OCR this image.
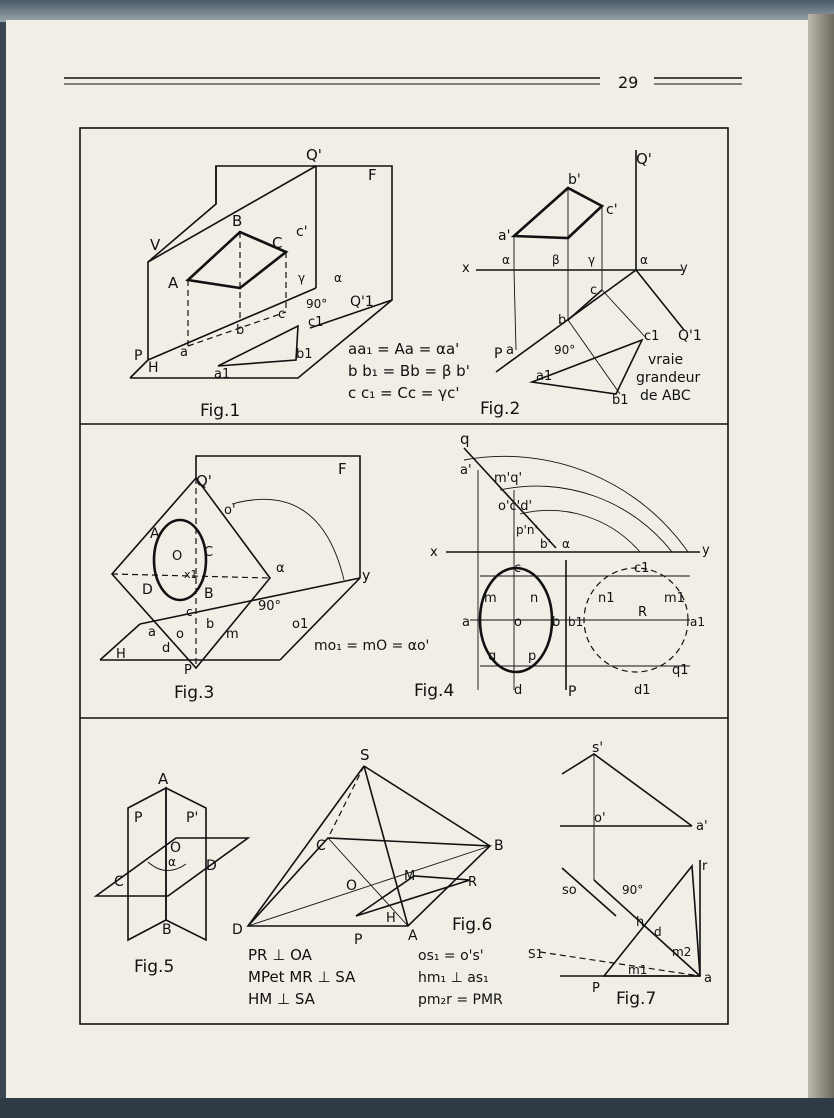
29
Q'
F
V
B
C
c'
A	γ α
90° Q'1
b
c
c1
P
H
a
a1
b1 aa₁ = Aa = αa'
b b₁ = Bb = β b'
c c₁ = Cc = γc'
Fig.1
Q'
b'
c'
a'
x
α	β γ	α
y
c
b
c1 Q'1
P a	90°
a1
b1
vraie
grandeur
de ABC
Fig.2
Q'
F
o'
A
O C
x1
D	B
α	y
90°
o1
c
b
m
d
a o
H
P
mo₁ = mO = αo'
Fig.3
q
a'
m'q'
o'c'd'
p'n'
b' α
x	y
c	c1
m	n	n1	m1
R
a	o b b1	a1
q p
q1
d	d1
P
Fig.4
A
P	P'
O
α
C
D
B
Fig.5
S
C	B
O
M	R
H
D
P	A
Fig.6
PR ⊥ OA
MPet MR ⊥ SA
HM ⊥ SA
s'
o'
a'
r
so	90°
h
d
m2
S1
m1
P
a
Fig.7
os₁ = o's'
hm₁ ⊥ as₁
pm₂r = PMR
